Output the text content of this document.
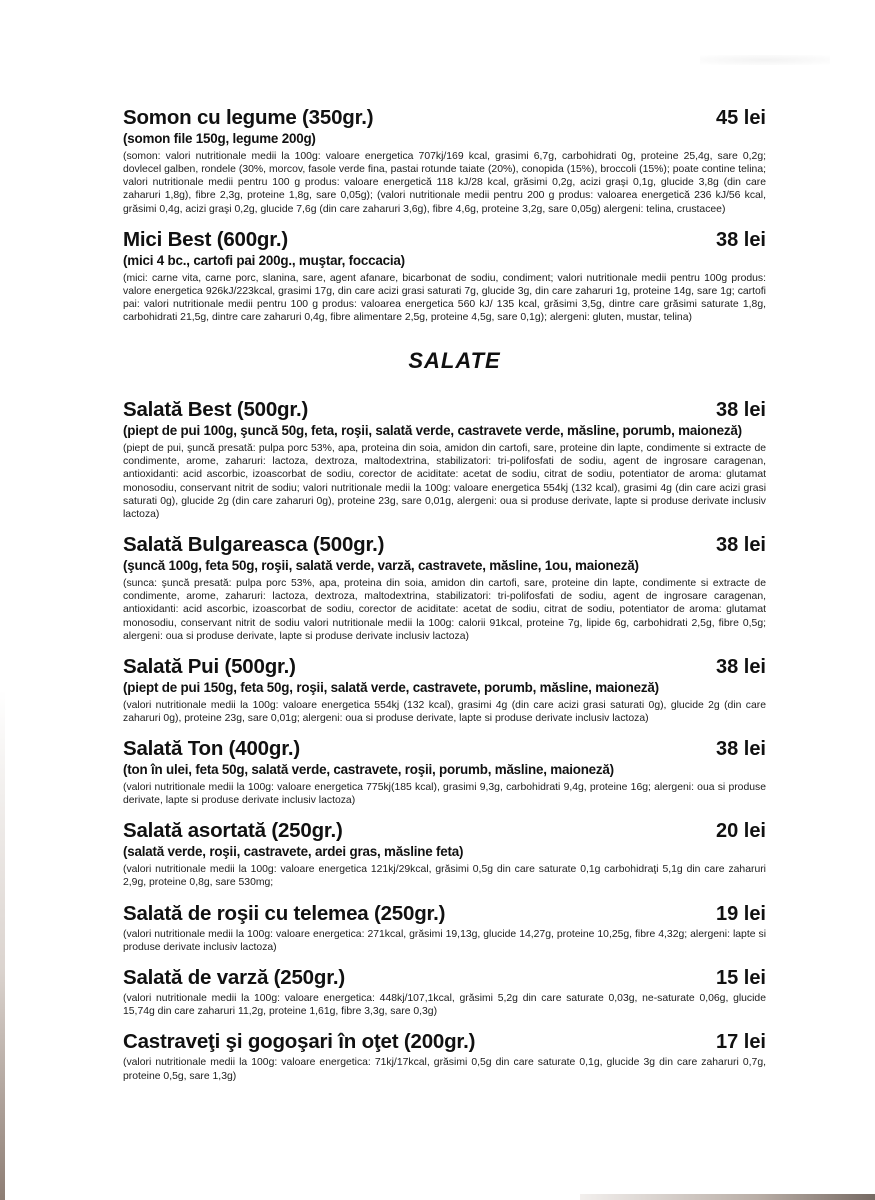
Somon cu legume (350gr.)	45 lei
(somon file 150g, legume 200g)
(somon: valori nutritionale medii la 100g: valoare energetica 707kj/169 kcal, grasimi 6,7g, carbohidrati 0g, proteine 25,4g, sare 0,2g; dovlecel galben, rondele (30%, morcov, fasole verde fina, pastai rotunde taiate (20%), conopida (15%), broccoli (15%); poate contine telina; valori nutritionale medii pentru 100 g produs: valoare energetică 118 kJ/28 kcal, grăsimi 0,2g, acizi graşi 0,1g, glucide 3,8g (din care zaharuri 1,8g), fibre 2,3g, proteine 1,8g, sare 0,05g); (valori nutritionale medii pentru 200 g produs: valoarea energetică 236 kJ/56 kcal, grăsimi 0,4g, acizi graşi 0,2g, glucide 7,6g (din care zaharuri 3,6g), fibre 4,6g, proteine 3,2g, sare 0,05g) alergeni: telina, crustacee)
Mici Best (600gr.)	38 lei
(mici 4 bc., cartofi pai 200g., muştar, foccacia)
(mici: carne vita, carne porc, slanina, sare, agent afanare, bicarbonat de sodiu, condiment; valori nutritionale medii pentru 100g produs: valore energetica 926kJ/223kcal, grasimi 17g, din care acizi grasi saturati 7g, glucide 3g, din care zaharuri 1g, proteine 14g, sare 1g; cartofi pai: valori nutritionale medii pentru 100 g produs: valoarea energetica 560 kJ/ 135 kcal, grăsimi 3,5g, dintre care grăsimi saturate 1,8g, carbohidrati 21,5g, dintre care zaharuri 0,4g, fibre alimentare 2,5g, proteine 4,5g, sare 0,1g); alergeni: gluten, mustar, telina)
SALATE
Salată Best (500gr.)	38 lei
(piept de pui 100g, şuncă 50g, feta, roşii, salată verde, castravete verde, măsline, porumb, maioneză)
(piept de pui, şuncă presată: pulpa porc 53%, apa, proteina din soia, amidon din cartofi, sare, proteine din lapte, condimente si extracte de condimente, arome, zaharuri: lactoza, dextroza, maltodextrina, stabilizatori: tri-polifosfati de sodiu, agent de ingrosare caragenan, antioxidanti: acid ascorbic, izoascorbat de sodiu, corector de aciditate: acetat de sodiu, citrat de sodiu, potentiator de aroma: glutamat monosodiu, conservant nitrit de sodiu; valori nutritionale medii la 100g: valoare energetica 554kj (132 kcal), grasimi 4g (din care acizi grasi saturati 0g), glucide 2g (din care zaharuri 0g), proteine 23g, sare 0,01g, alergeni: oua si produse derivate, lapte si produse derivate inclusiv lactoza)
Salată Bulgareasca (500gr.)	38 lei
(şuncă 100g, feta 50g, roşii, salată verde, varză, castravete, măsline, 1ou, maioneză)
(sunca: şuncă presată: pulpa porc 53%, apa, proteina din soia, amidon din cartofi, sare, proteine din lapte, condimente si extracte de condimente, arome, zaharuri: lactoza, dextroza, maltodextrina, stabilizatori: tri-polifosfati de sodiu, agent de ingrosare caragenan, antioxidanti: acid ascorbic, izoascorbat de sodiu, corector de aciditate: acetat de sodiu, citrat de sodiu, potentiator de aroma: glutamat monosodiu, conservant nitrit de sodiu valori nutritionale medii la 100g: calorii 91kcal, proteine 7g, lipide 6g, carbohidrati 2,5g, fibre 0,5g; alergeni: oua si produse derivate, lapte si produse derivate inclusiv lactoza)
Salată Pui (500gr.)	38 lei
(piept de pui 150g, feta 50g, roşii, salată verde, castravete, porumb, măsline, maioneză)
(valori nutritionale medii la 100g: valoare energetica 554kj (132 kcal), grasimi 4g (din care acizi grasi saturati 0g), glucide 2g (din care zaharuri 0g), proteine 23g, sare 0,01g; alergeni: oua si produse derivate, lapte si produse derivate inclusiv lactoza)
Salată Ton (400gr.)	38 lei
(ton în ulei, feta 50g, salată verde, castravete, roşii, porumb, măsline, maioneză)
(valori nutritionale medii la 100g: valoare energetica 775kj(185 kcal), grasimi 9,3g, carbohidrati 9,4g, proteine 16g; alergeni: oua si produse derivate, lapte si produse derivate inclusiv lactoza)
Salată asortată (250gr.)	20 lei
(salată verde, roşii, castravete, ardei gras, măsline feta)
(valori nutritionale medii la 100g: valoare energetica 121kj/29kcal, grăsimi 0,5g din care saturate 0,1g carbohidraţi 5,1g din care zaharuri 2,9g, proteine 0,8g, sare 530mg;
Salată de roşii cu telemea (250gr.)	19 lei
(valori nutritionale medii la 100g: valoare energetica: 271kcal, grăsimi 19,13g, glucide 14,27g, proteine 10,25g, fibre 4,32g; alergeni: lapte si produse derivate inclusiv lactoza)
Salată de varză (250gr.)	15 lei
(valori nutritionale medii la 100g: valoare energetica: 448kj/107,1kcal, grăsimi 5,2g din care saturate 0,03g, ne-saturate 0,06g, glucide 15,74g din care zaharuri 11,2g, proteine 1,61g, fibre 3,3g, sare 0,3g)
Castraveţi şi gogoşari în oţet (200gr.)	17 lei
(valori nutritionale medii la 100g: valoare energetica: 71kj/17kcal, grăsimi 0,5g din care saturate 0,1g, glucide 3g din care zaharuri 0,7g, proteine 0,5g, sare 1,3g)
